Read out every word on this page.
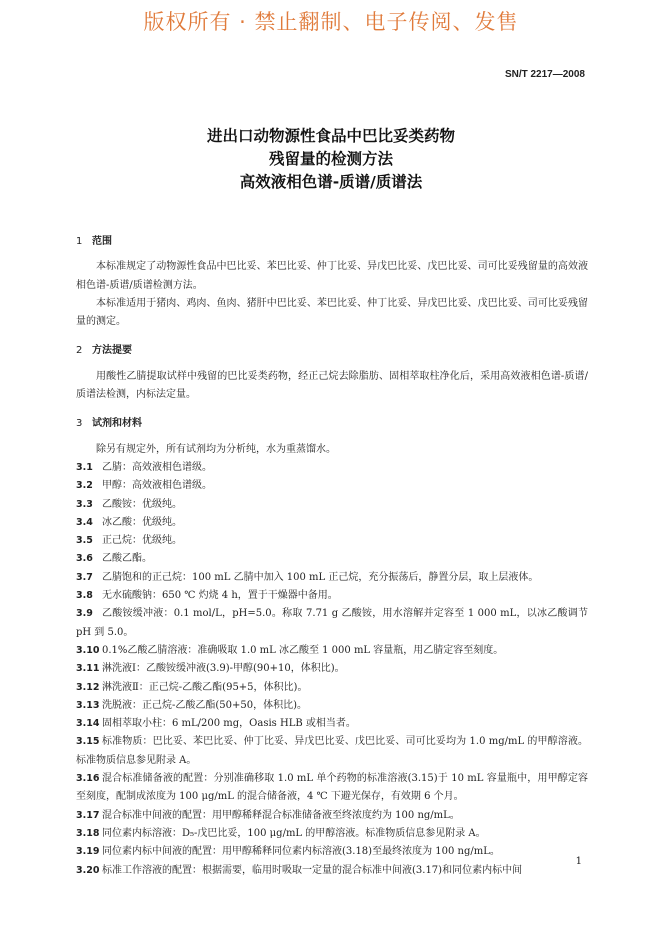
版权所有 · 禁止翻制、电子传阅、发售
SN/T 2217—2008
进出口动物源性食品中巴比妥类药物
残留量的检测方法
高效液相色谱-质谱/质谱法
1 范围
本标准规定了动物源性食品中巴比妥、苯巴比妥、仲丁比妥、异戊巴比妥、戊巴比妥、司可比妥残留量的高效液相色谱-质谱/质谱检测方法。
本标准适用于猪肉、鸡肉、鱼肉、猪肝中巴比妥、苯巴比妥、仲丁比妥、异戊巴比妥、戊巴比妥、司可比妥残留量的测定。
2 方法提要
用酸性乙腈提取试样中残留的巴比妥类药物，经正己烷去除脂肪、固相萃取柱净化后，采用高效液相色谱-质谱/质谱法检测，内标法定量。
3 试剂和材料
除另有规定外，所有试剂均为分析纯，水为重蒸馏水。
3.1 乙腈：高效液相色谱级。
3.2 甲醇：高效液相色谱级。
3.3 乙酸铵：优级纯。
3.4 冰乙酸：优级纯。
3.5 正己烷：优级纯。
3.6 乙酸乙酯。
3.7 乙腈饱和的正己烷：100 mL 乙腈中加入 100 mL 正己烷，充分振荡后，静置分层，取上层液体。
3.8 无水硫酸钠：650 ℃ 灼烧 4 h，置于干燥器中备用。
3.9 乙酸铵缓冲液：0.1 mol/L，pH=5.0。称取 7.71 g 乙酸铵，用水溶解并定容至 1 000 mL，以冰乙酸调节 pH 到 5.0。
3.10 0.1%乙酸乙腈溶液：准确吸取 1.0 mL 冰乙酸至 1 000 mL 容量瓶，用乙腈定容至刻度。
3.11 淋洗液Ⅰ：乙酸铵缓冲液(3.9)-甲醇(90+10，体积比)。
3.12 淋洗液Ⅱ：正己烷-乙酸乙酯(95+5，体积比)。
3.13 洗脱液：正己烷-乙酸乙酯(50+50，体积比)。
3.14 固相萃取小柱：6 mL/200 mg，Oasis HLB 或相当者。
3.15 标准物质：巴比妥、苯巴比妥、仲丁比妥、异戊巴比妥、戊巴比妥、司可比妥均为 1.0 mg/mL 的甲醇溶液。标准物质信息参见附录 A。
3.16 混合标准储备液的配置：分别准确移取 1.0 mL 单个药物的标准溶液(3.15)于 10 mL 容量瓶中，用甲醇定容至刻度，配制成浓度为 100 μg/mL 的混合储备液，4 ℃ 下避光保存，有效期 6 个月。
3.17 混合标准中间液的配置：用甲醇稀释混合标准储备液至终浓度约为 100 ng/mL。
3.18 同位素内标溶液：D₅-戊巴比妥，100 μg/mL 的甲醇溶液。标准物质信息参见附录 A。
3.19 同位素内标中间液的配置：用甲醇稀释同位素内标溶液(3.18)至最终浓度为 100 ng/mL。
3.20 标准工作溶液的配置：根据需要，临用时吸取一定量的混合标准中间液(3.17)和同位素内标中间
1
